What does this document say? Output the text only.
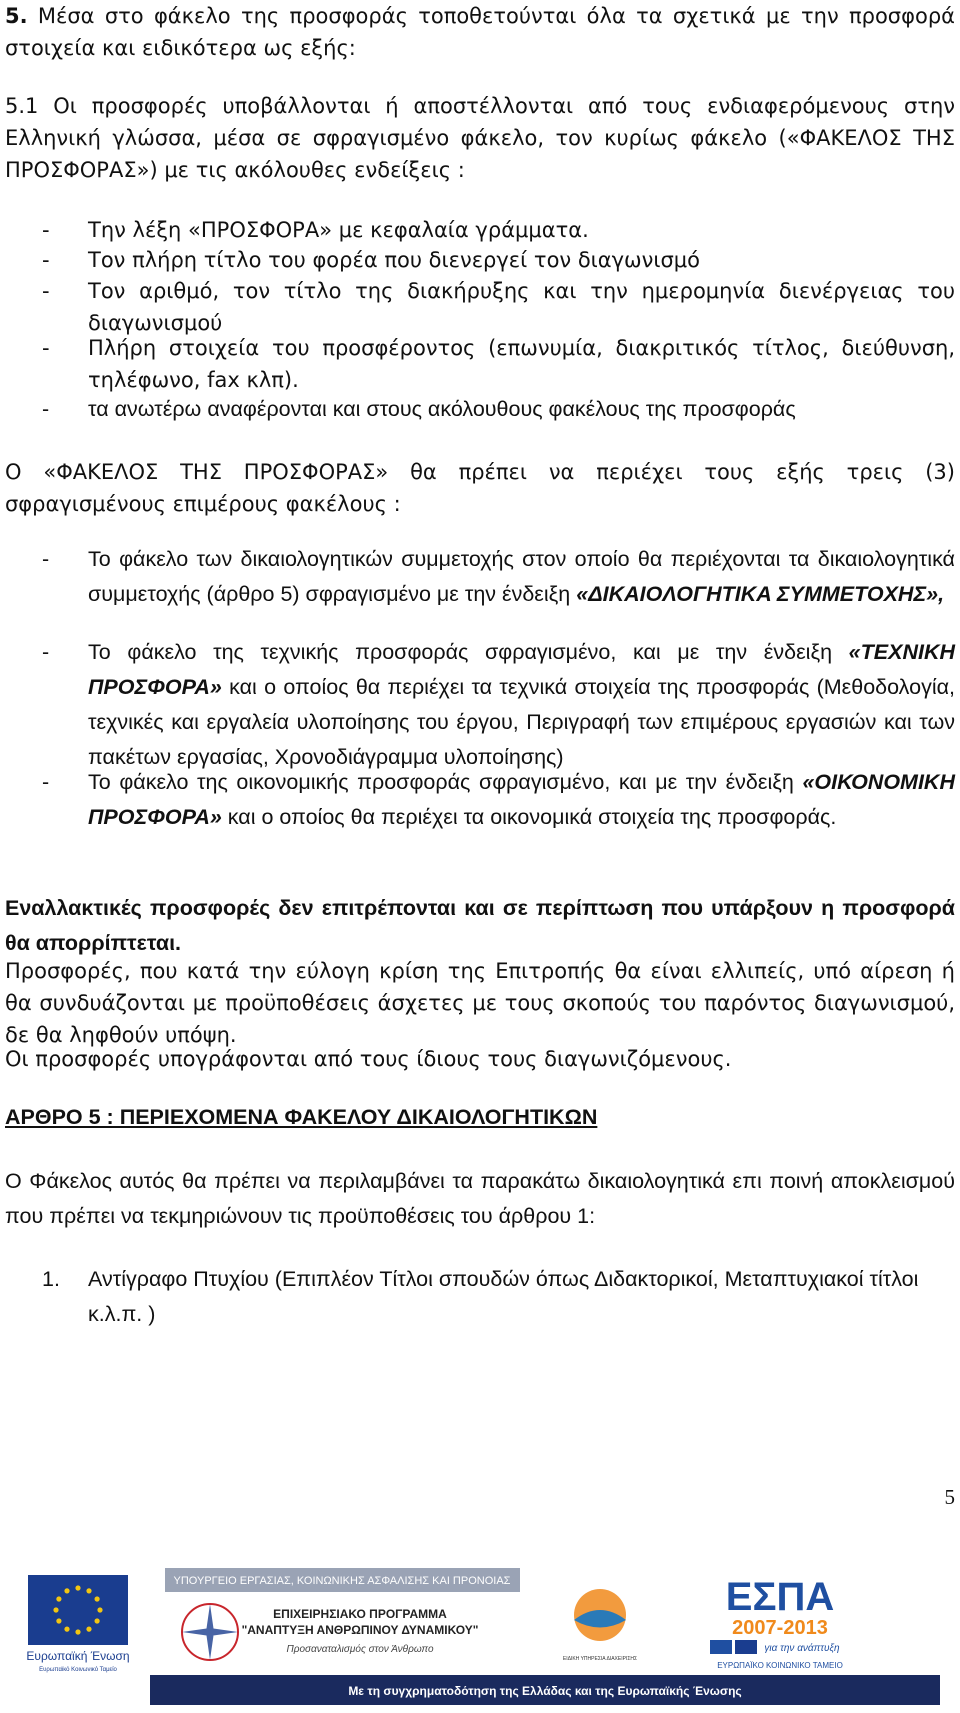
5. Μέσα στο φάκελο της προσφοράς τοποθετούνται όλα τα σχετικά με την προσφορά στοιχεία και ειδικότερα ως εξής:
5.1 Οι προσφορές υποβάλλονται ή αποστέλλονται από τους ενδιαφερόμενους στην Ελληνική γλώσσα, μέσα σε σφραγισμένο φάκελο, τον κυρίως φάκελο («ΦΑΚΕΛΟΣ ΤΗΣ ΠΡΟΣΦΟΡΑΣ») με τις ακόλουθες ενδείξεις :
-	Την λέξη «ΠΡΟΣΦΟΡΑ» με κεφαλαία γράμματα.
-	Τον πλήρη τίτλο του φορέα που διενεργεί τον διαγωνισμό
-	Τον αριθμό, τον τίτλο της διακήρυξης και την ημερομηνία διενέργειας του διαγωνισμού
-	Πλήρη στοιχεία του προσφέροντος (επωνυμία, διακριτικός τίτλος, διεύθυνση, τηλέφωνο, fax κλπ).
-	τα ανωτέρω αναφέρονται και στους ακόλουθους φακέλους της προσφοράς
Ο «ΦΑΚΕΛΟΣ ΤΗΣ ΠΡΟΣΦΟΡΑΣ» θα πρέπει να περιέχει τους εξής τρεις (3) σφραγισμένους επιμέρους φακέλους :
-	Το φάκελο των δικαιολογητικών συμμετοχής στον οποίο θα περιέχονται τα δικαιολογητικά συμμετοχής (άρθρο 5) σφραγισμένο με την ένδειξη «ΔΙΚΑΙΟΛΟΓΗΤΙΚΑ ΣΥΜΜΕΤΟΧΗΣ»,
-	Το φάκελο της τεχνικής προσφοράς σφραγισμένο, και με την ένδειξη «ΤΕΧΝΙΚΗ ΠΡΟΣΦΟΡΑ» και ο οποίος θα περιέχει τα τεχνικά στοιχεία της προσφοράς (Μεθοδολογία, τεχνικές και εργαλεία υλοποίησης του έργου, Περιγραφή των επιμέρους εργασιών και των πακέτων εργασίας, Χρονοδιάγραμμα υλοποίησης)
-	Το φάκελο της οικονομικής προσφοράς σφραγισμένο, και με την ένδειξη «ΟΙΚΟΝΟΜΙΚΗ ΠΡΟΣΦΟΡΑ» και ο οποίος θα περιέχει τα οικονομικά στοιχεία της προσφοράς.
Εναλλακτικές προσφορές δεν επιτρέπονται και σε περίπτωση που υπάρξουν η προσφορά θα απορρίπτεται.
Προσφορές, που κατά την εύλογη κρίση της Επιτροπής θα είναι ελλιπείς, υπό αίρεση ή θα συνδυάζονται με προϋποθέσεις άσχετες με τους σκοπούς του παρόντος διαγωνισμού, δε θα ληφθούν υπόψη.
Οι προσφορές υπογράφονται από τους ίδιους τους διαγωνιζόμενους.
ΑΡΘΡΟ 5 : ΠΕΡΙΕΧΟΜΕΝΑ ΦΑΚΕΛΟΥ ΔΙΚΑΙΟΛΟΓΗΤΙΚΩΝ
Ο Φάκελος αυτός θα πρέπει να περιλαμβάνει τα παρακάτω δικαιολογητικά επι ποινή αποκλεισμού που πρέπει να τεκμηριώνουν τις προϋποθέσεις του άρθρου 1:
1.	Αντίγραφο Πτυχίου (Επιπλέον Τίτλοι σπουδών όπως Διδακτορικοί, Μεταπτυχιακοί τίτλοι κ.λ.π. )
5
Ευρωπαϊκή Ένωση
Ευρωπαϊκό Κοινωνικό Ταμείο
ΥΠΟΥΡΓΕΙΟ ΕΡΓΑΣΙΑΣ, ΚΟΙΝΩΝΙΚΗΣ ΑΣΦΑΛΙΣΗΣ ΚΑΙ ΠΡΟΝΟΙΑΣ
ΕΠΙΧΕΙΡΗΣΙΑΚΟ ΠΡΟΓΡΑΜΜΑ
"ΑΝΑΠΤΥΞΗ ΑΝΘΡΩΠΙΝΟΥ ΔΥΝΑΜΙΚΟΥ"
Προσαναταλισμός στον Άνθρωπο
ΕΙΔΙΚΗ ΥΠΗΡΕΣΙΑ ΔΙΑΧΕΙΡΙΣΗΣ
ΕΣΠΑ
2007-2013
για την ανάπτυξη
ΕΥΡΩΠΑΪΚΟ ΚΟΙΝΩΝΙΚΟ ΤΑΜΕΙΟ
Με τη συγχρηματοδότηση της Ελλάδας και της Ευρωπαϊκής Ένωσης
